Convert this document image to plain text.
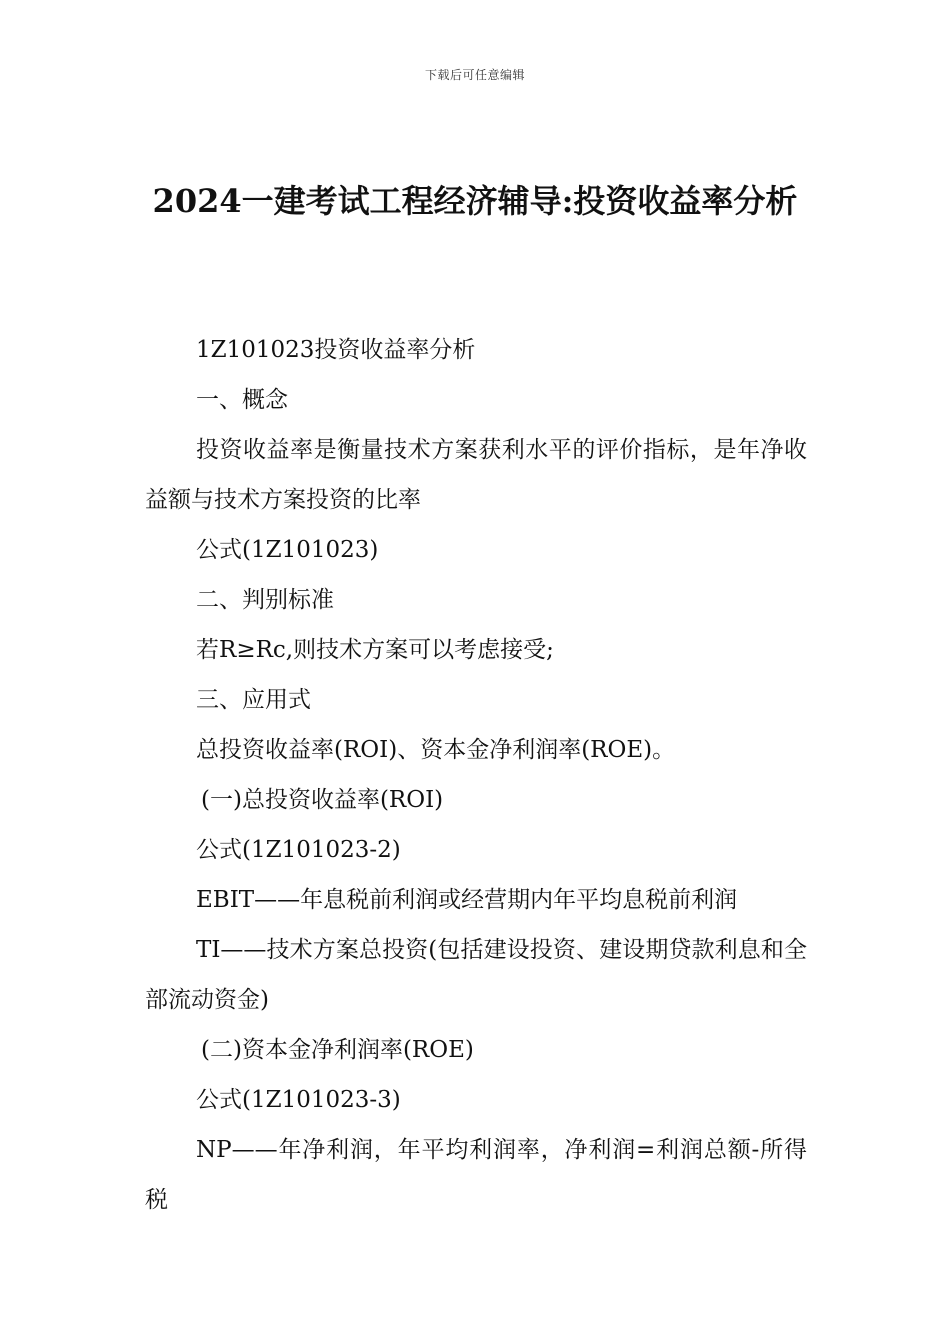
下载后可任意编辑
2024一建考试工程经济辅导:投资收益率分析

1Z101023投资收益率分析

一、概念

投资收益率是衡量技术方案获利水平的评价指标，是年净收益额与技术方案投资的比率

公式(1Z101023)

二、判别标准

若R≥Rc,则技术方案可以考虑接受;

三、应用式

总投资收益率(ROI)、资本金净利润率(ROE)。

(一)总投资收益率(ROI)

公式(1Z101023-2)

EBIT——年息税前利润或经营期内年平均息税前利润

TI——技术方案总投资(包括建设投资、建设期贷款利息和全部流动资金)

(二)资本金净利润率(ROE)

公式(1Z101023-3)

NP——年净利润，年平均利润率，净利润=利润总额-所得税
